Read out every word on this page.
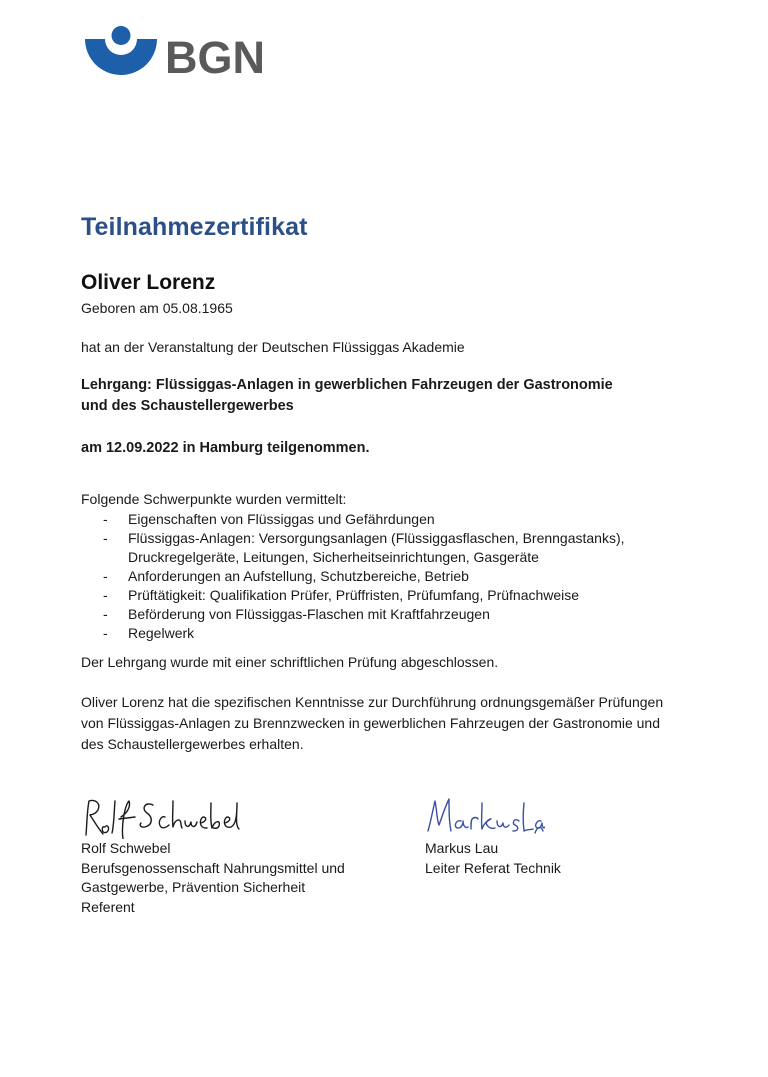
BGN
Teilnahmezertifikat
Oliver Lorenz
Geboren am 05.08.1965
hat an der Veranstaltung der Deutschen Flüssiggas Akademie
Lehrgang: Flüssiggas-Anlagen in gewerblichen Fahrzeugen der Gastronomie
und des Schaustellergewerbes
am 12.09.2022 in Hamburg teilgenommen.
Folgende Schwerpunkte wurden vermittelt:
- Eigenschaften von Flüssiggas und Gefährdungen
- Flüssiggas-Anlagen: Versorgungsanlagen (Flüssiggasflaschen, Brenngastanks),
Druckregelgeräte, Leitungen, Sicherheitseinrichtungen, Gasgeräte
- Anforderungen an Aufstellung, Schutzbereiche, Betrieb
- Prüftätigkeit: Qualifikation Prüfer, Prüffristen, Prüfumfang, Prüfnachweise
- Beförderung von Flüssiggas-Flaschen mit Kraftfahrzeugen
- Regelwerk
Der Lehrgang wurde mit einer schriftlichen Prüfung abgeschlossen.
Oliver Lorenz hat die spezifischen Kenntnisse zur Durchführung ordnungsgemäßer Prüfungen
von Flüssiggas-Anlagen zu Brennzwecken in gewerblichen Fahrzeugen der Gastronomie und
des Schaustellergewerbes erhalten.
Rolf Schwebel
Berufsgenossenschaft Nahrungsmittel und
Gastgewerbe, Prävention Sicherheit
Referent
Markus Lau
Leiter Referat Technik
